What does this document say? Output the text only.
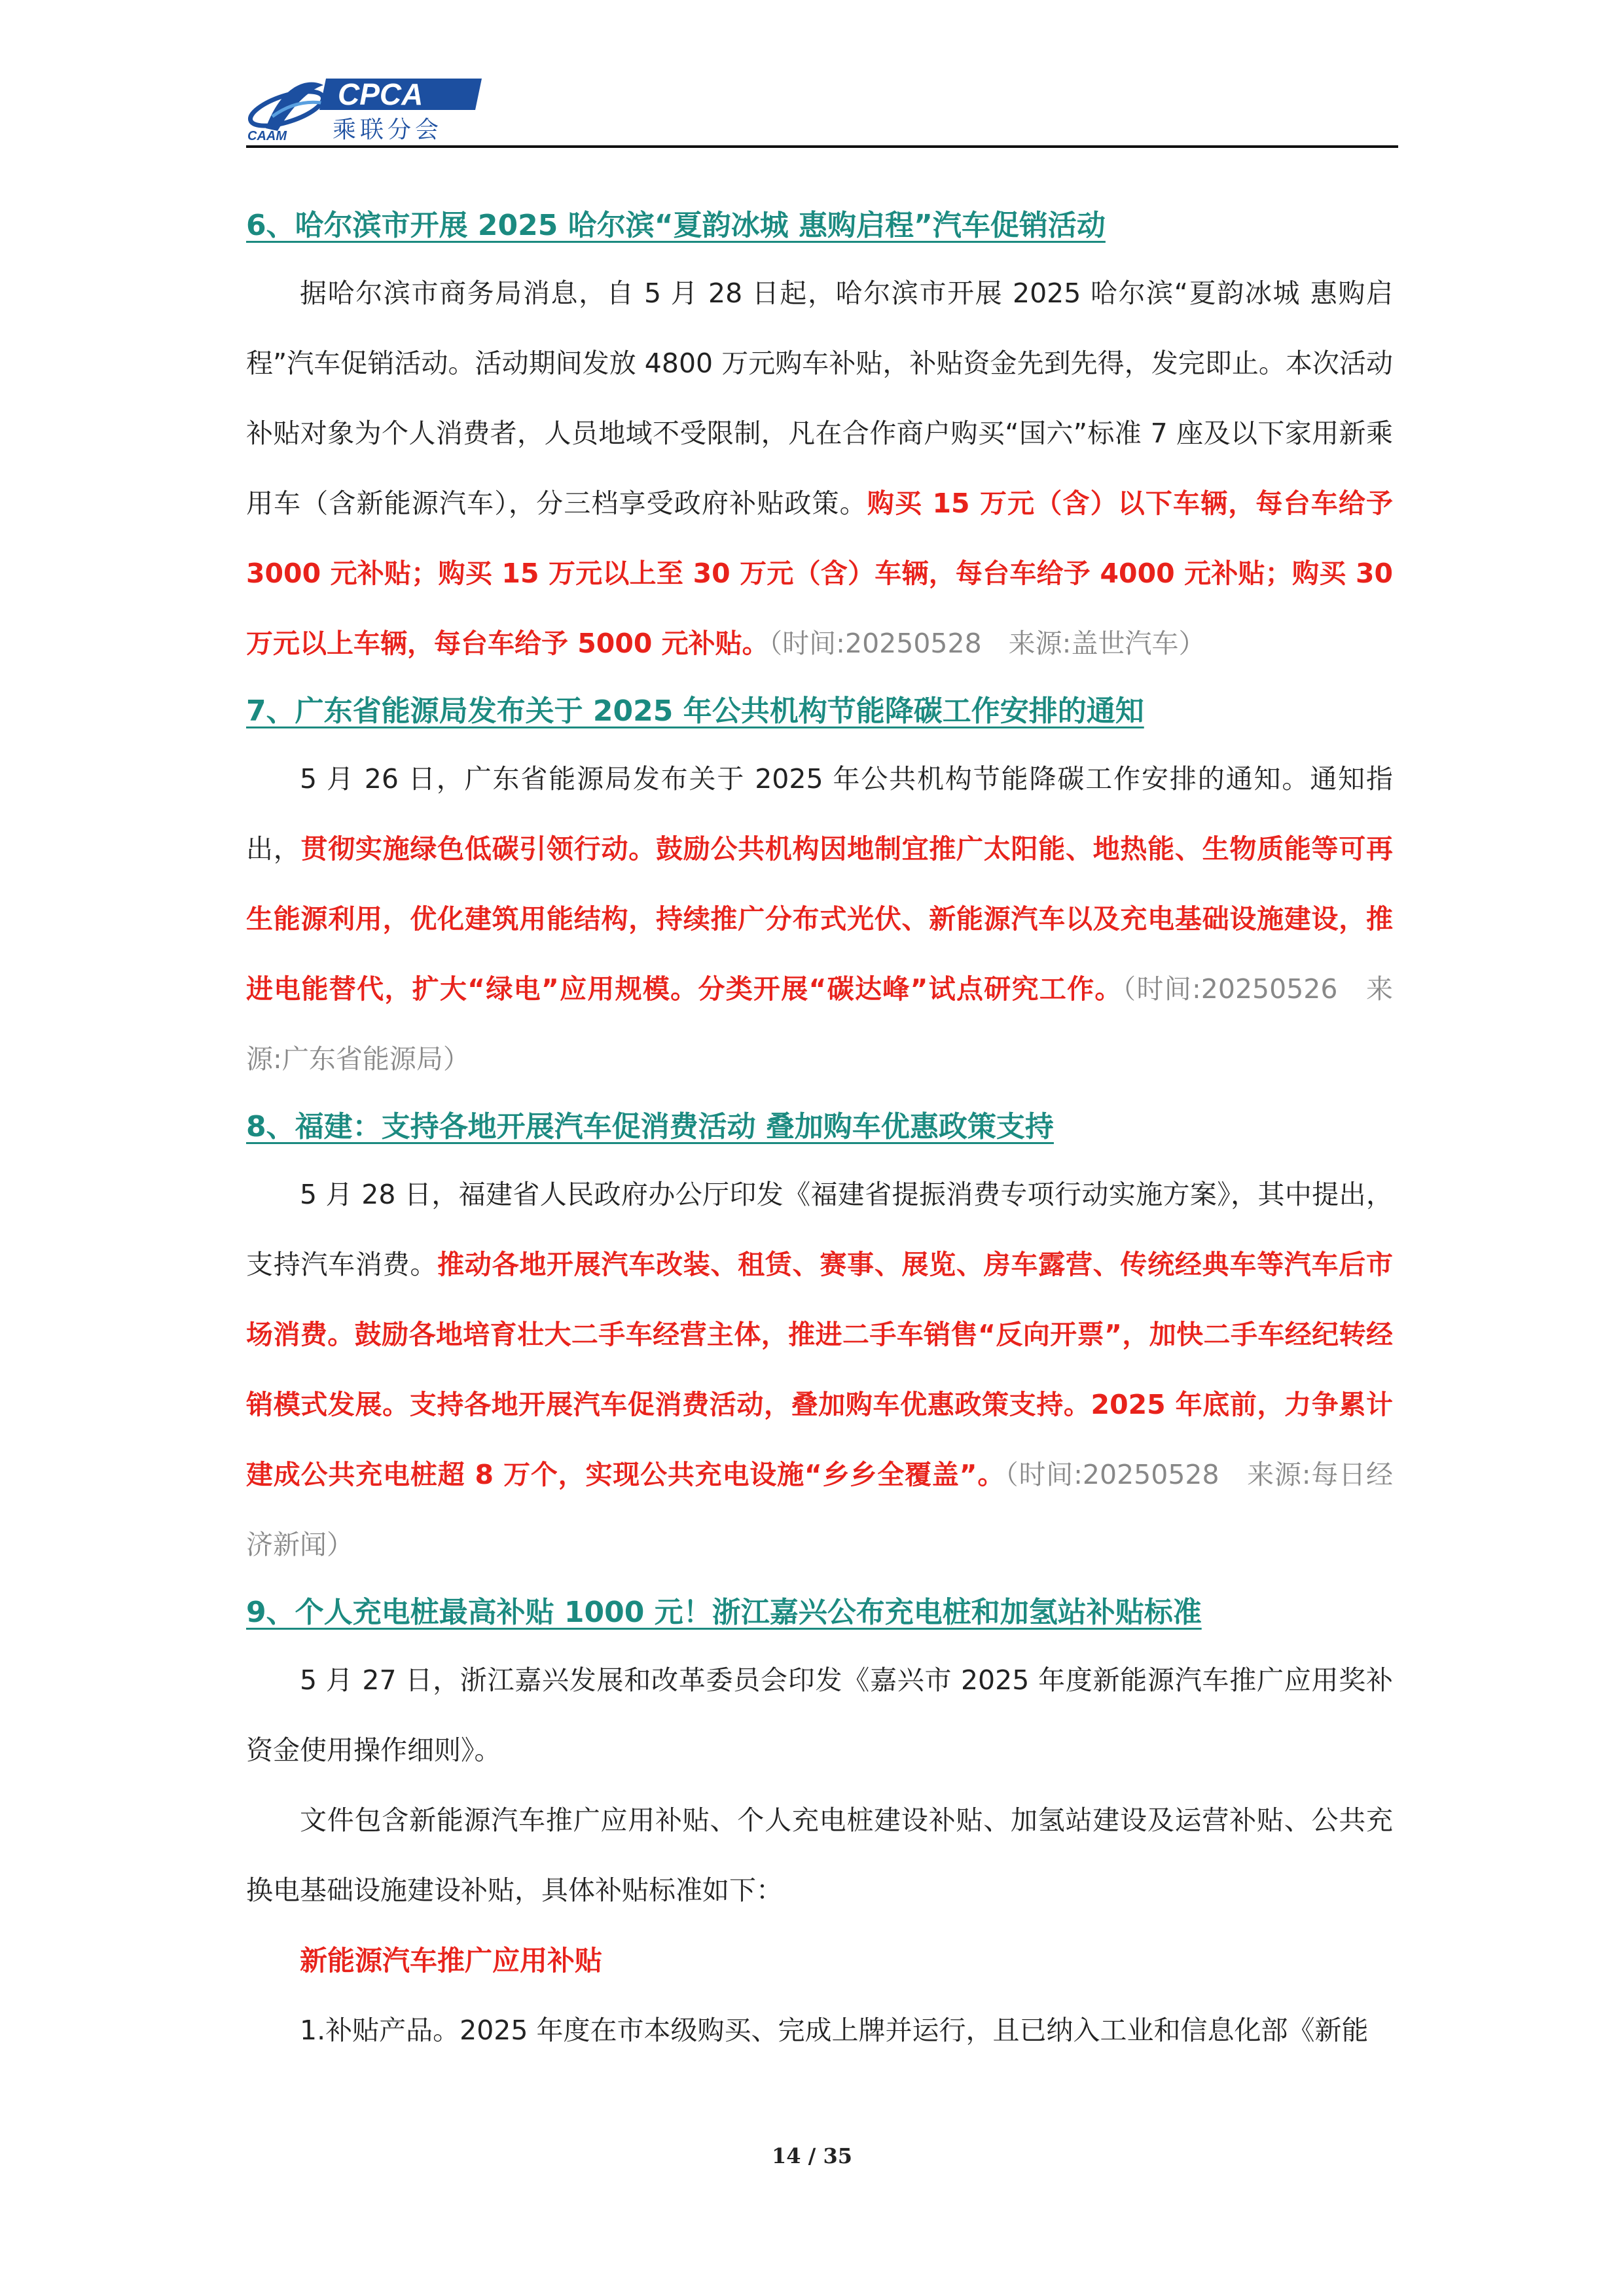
CPCA
CAAM 乘联分会
6、哈尔滨市开展 2025 哈尔滨“夏韵冰城 惠购启程”汽车促销活动

据哈尔滨市商务局消息，自 5 月 28 日起，哈尔滨市开展 2025 哈尔滨“夏韵冰城 惠购启程”汽车促销活动。活动期间发放 4800 万元购车补贴，补贴资金先到先得，发完即止。本次活动补贴对象为个人消费者，人员地域不受限制，凡在合作商户购买“国六”标准 7 座及以下家用新乘用车（含新能源汽车），分三档享受政府补贴政策。购买 15 万元（含）以下车辆，每台车给予 3000 元补贴；购买 15 万元以上至 30 万元（含）车辆，每台车给予 4000 元补贴；购买 30 万元以上车辆，每台车给予 5000 元补贴。（时间:20250528　来源:盖世汽车）

7、广东省能源局发布关于 2025 年公共机构节能降碳工作安排的通知

5 月 26 日，广东省能源局发布关于 2025 年公共机构节能降碳工作安排的通知。通知指出，贯彻实施绿色低碳引领行动。鼓励公共机构因地制宜推广太阳能、地热能、生物质能等可再生能源利用，优化建筑用能结构，持续推广分布式光伏、新能源汽车以及充电基础设施建设，推进电能替代，扩大“绿电”应用规模。分类开展“碳达峰”试点研究工作。（时间:20250526　来源:广东省能源局）

8、福建：支持各地开展汽车促消费活动 叠加购车优惠政策支持

5 月 28 日，福建省人民政府办公厅印发《福建省提振消费专项行动实施方案》，其中提出，支持汽车消费。推动各地开展汽车改装、租赁、赛事、展览、房车露营、传统经典车等汽车后市场消费。鼓励各地培育壮大二手车经营主体，推进二手车销售“反向开票”，加快二手车经纪转经销模式发展。支持各地开展汽车促消费活动，叠加购车优惠政策支持。2025 年底前，力争累计建成公共充电桩超 8 万个，实现公共充电设施“乡乡全覆盖”。（时间:20250528　来源:每日经济新闻）

9、个人充电桩最高补贴 1000 元！浙江嘉兴公布充电桩和加氢站补贴标准

5 月 27 日，浙江嘉兴发展和改革委员会印发《嘉兴市 2025 年度新能源汽车推广应用奖补资金使用操作细则》。

文件包含新能源汽车推广应用补贴、个人充电桩建设补贴、加氢站建设及运营补贴、公共充换电基础设施建设补贴，具体补贴标准如下：

新能源汽车推广应用补贴

1.补贴产品。2025 年度在市本级购买、完成上牌并运行，且已纳入工业和信息化部《新能

14 / 35
